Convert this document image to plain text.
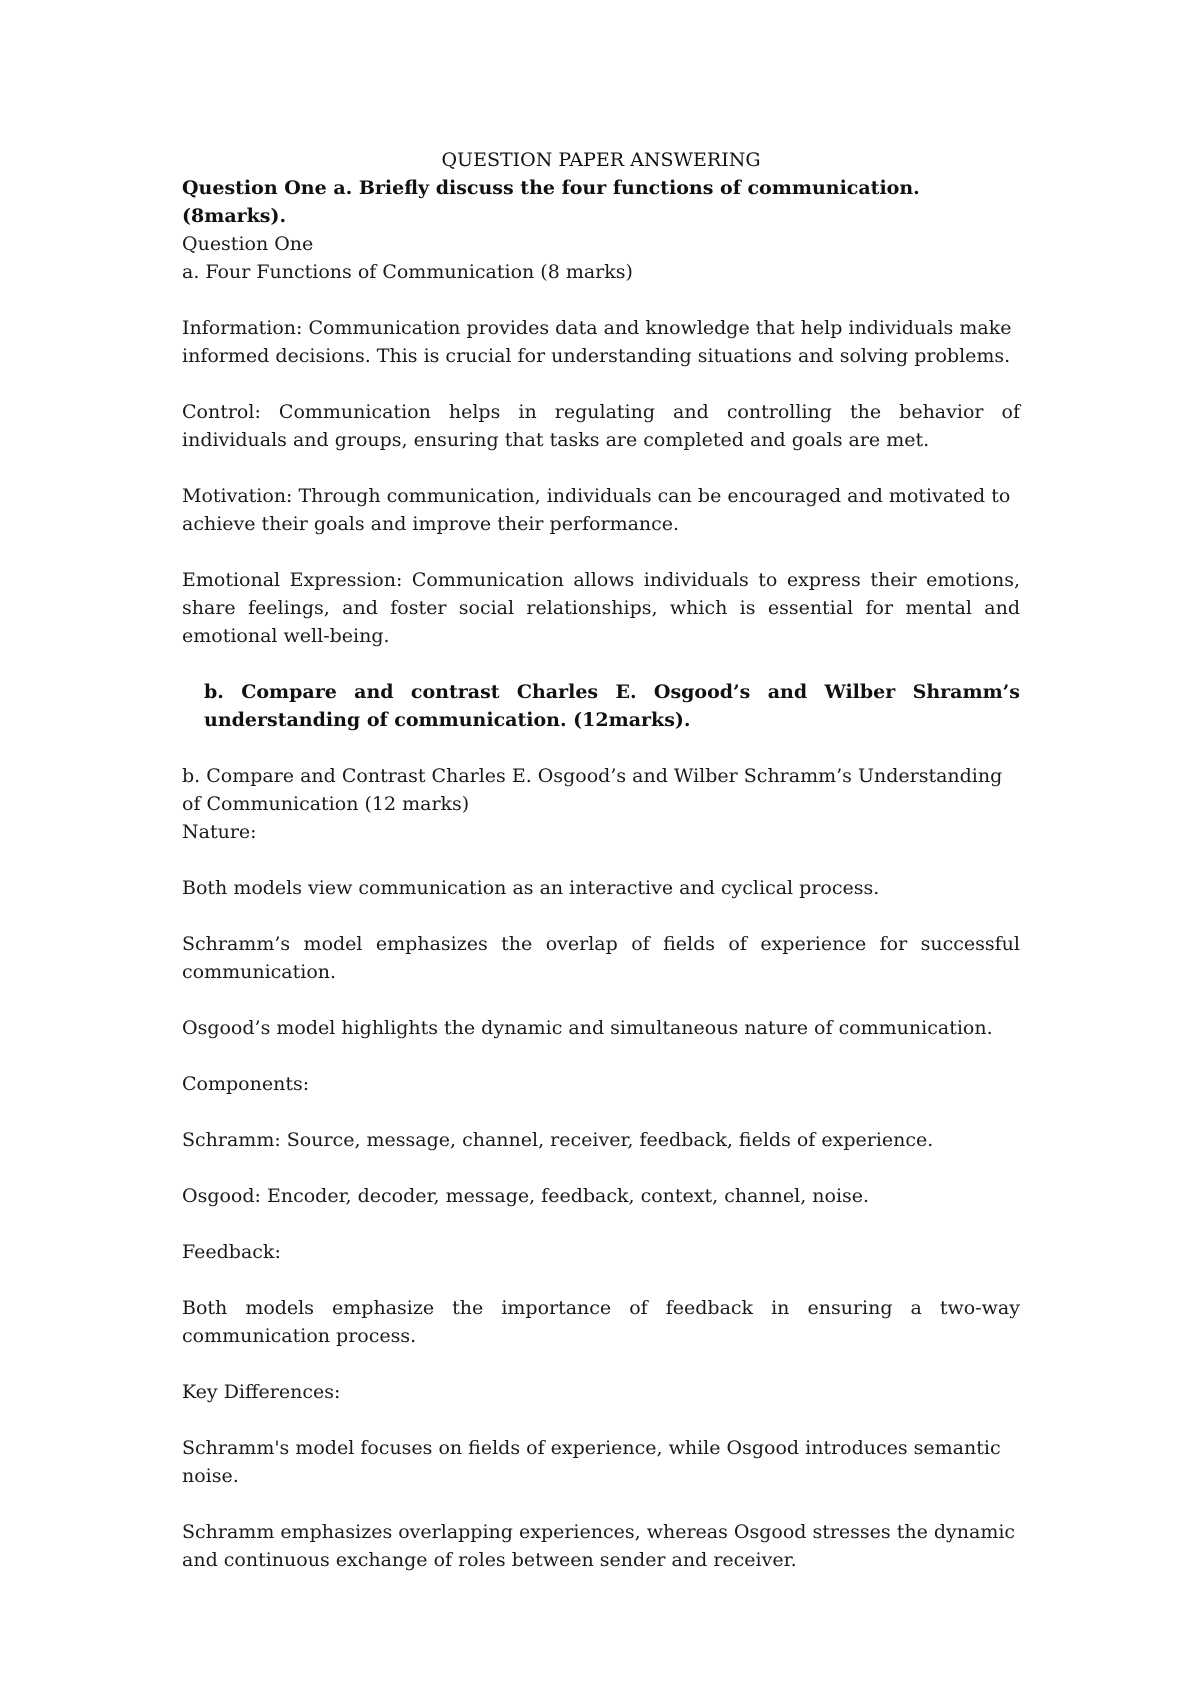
QUESTION PAPER ANSWERING

Question One a. Briefly discuss the four functions of communication. (8marks).

Question One

a. Four Functions of Communication (8 marks)

Information: Communication provides data and knowledge that help individuals make informed decisions. This is crucial for understanding situations and solving problems.

Control: Communication helps in regulating and controlling the behavior of individuals and groups, ensuring that tasks are completed and goals are met.

Motivation: Through communication, individuals can be encouraged and motivated to achieve their goals and improve their performance.

Emotional Expression: Communication allows individuals to express their emotions, share feelings, and foster social relationships, which is essential for mental and emotional well-being.

b. Compare and contrast Charles E. Osgood’s and Wilber Shramm’s understanding of communication. (12marks).

b. Compare and Contrast Charles E. Osgood’s and Wilber Schramm’s Understanding of Communication (12 marks)

Nature:

Both models view communication as an interactive and cyclical process.

Schramm’s model emphasizes the overlap of fields of experience for successful communication.

Osgood’s model highlights the dynamic and simultaneous nature of communication.

Components:

Schramm: Source, message, channel, receiver, feedback, fields of experience.

Osgood: Encoder, decoder, message, feedback, context, channel, noise.

Feedback:

Both models emphasize the importance of feedback in ensuring a two-way communication process.

Key Differences:

Schramm's model focuses on fields of experience, while Osgood introduces semantic noise.

Schramm emphasizes overlapping experiences, whereas Osgood stresses the dynamic and continuous exchange of roles between sender and receiver.
